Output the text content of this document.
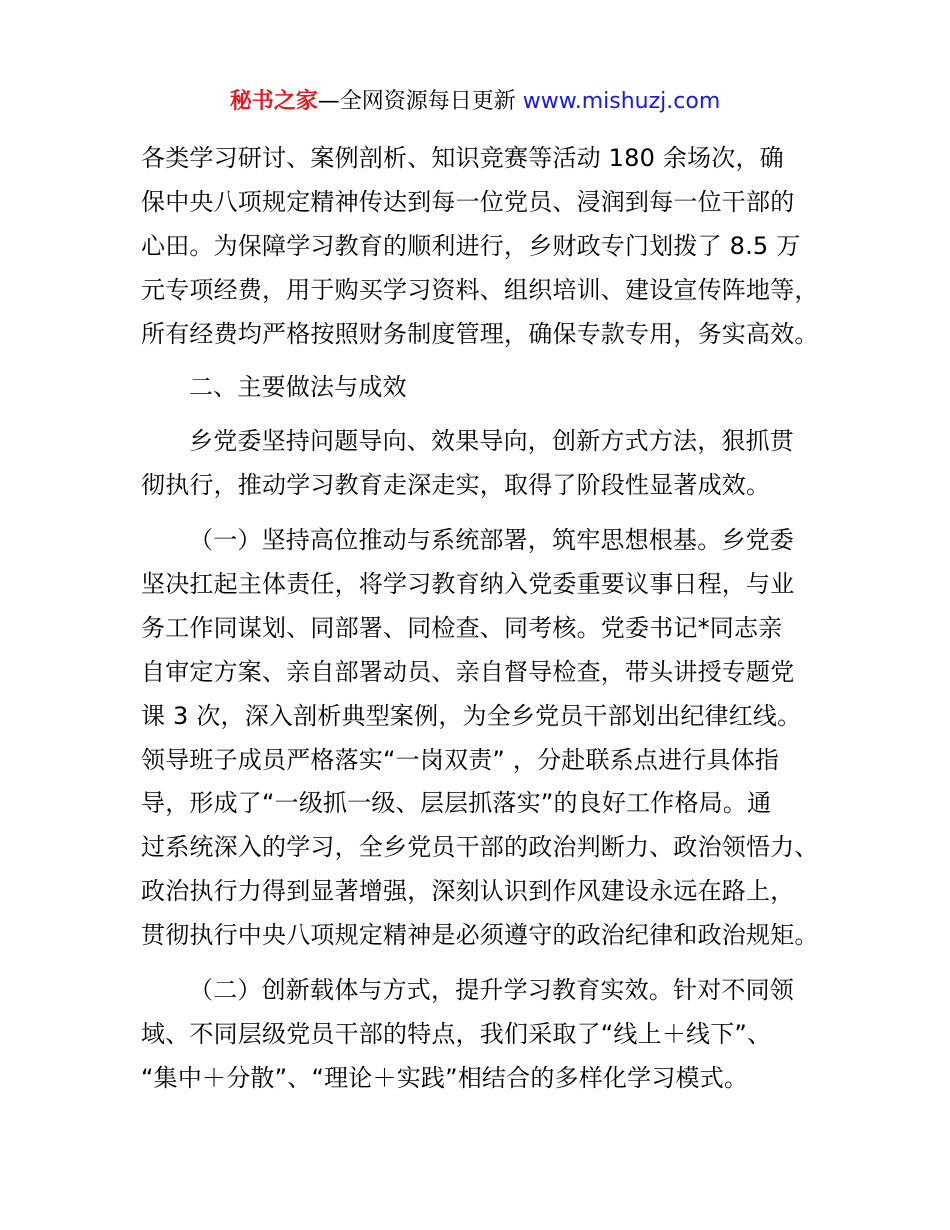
秘书之家—全网资源每日更新 www.mishuzj.com
各类学习研讨、案例剖析、知识竞赛等活动 180 余场次，确
保中央八项规定精神传达到每一位党员、浸润到每一位干部的
心田。为保障学习教育的顺利进行，乡财政专门划拨了 8.5 万
元专项经费，用于购买学习资料、组织培训、建设宣传阵地等，
所有经费均严格按照财务制度管理，确保专款专用，务实高效。
二、主要做法与成效
乡党委坚持问题导向、效果导向，创新方式方法，狠抓贯
彻执行，推动学习教育走深走实，取得了阶段性显著成效。
（一）坚持高位推动与系统部署，筑牢思想根基。乡党委
坚决扛起主体责任，将学习教育纳入党委重要议事日程，与业
务工作同谋划、同部署、同检查、同考核。党委书记*同志亲
自审定方案、亲自部署动员、亲自督导检查，带头讲授专题党
课 3 次，深入剖析典型案例，为全乡党员干部划出纪律红线。
领导班子成员严格落实“一岗双责” ，分赴联系点进行具体指
导，形成了“一级抓一级、层层抓落实”的良好工作格局。通
过系统深入的学习，全乡党员干部的政治判断力、政治领悟力、
政治执行力得到显著增强，深刻认识到作风建设永远在路上，
贯彻执行中央八项规定精神是必须遵守的政治纪律和政治规矩。
（二）创新载体与方式，提升学习教育实效。针对不同领
域、不同层级党员干部的特点，我们采取了“线上＋线下”、
“集中＋分散”、“理论＋实践”相结合的多样化学习模式。
